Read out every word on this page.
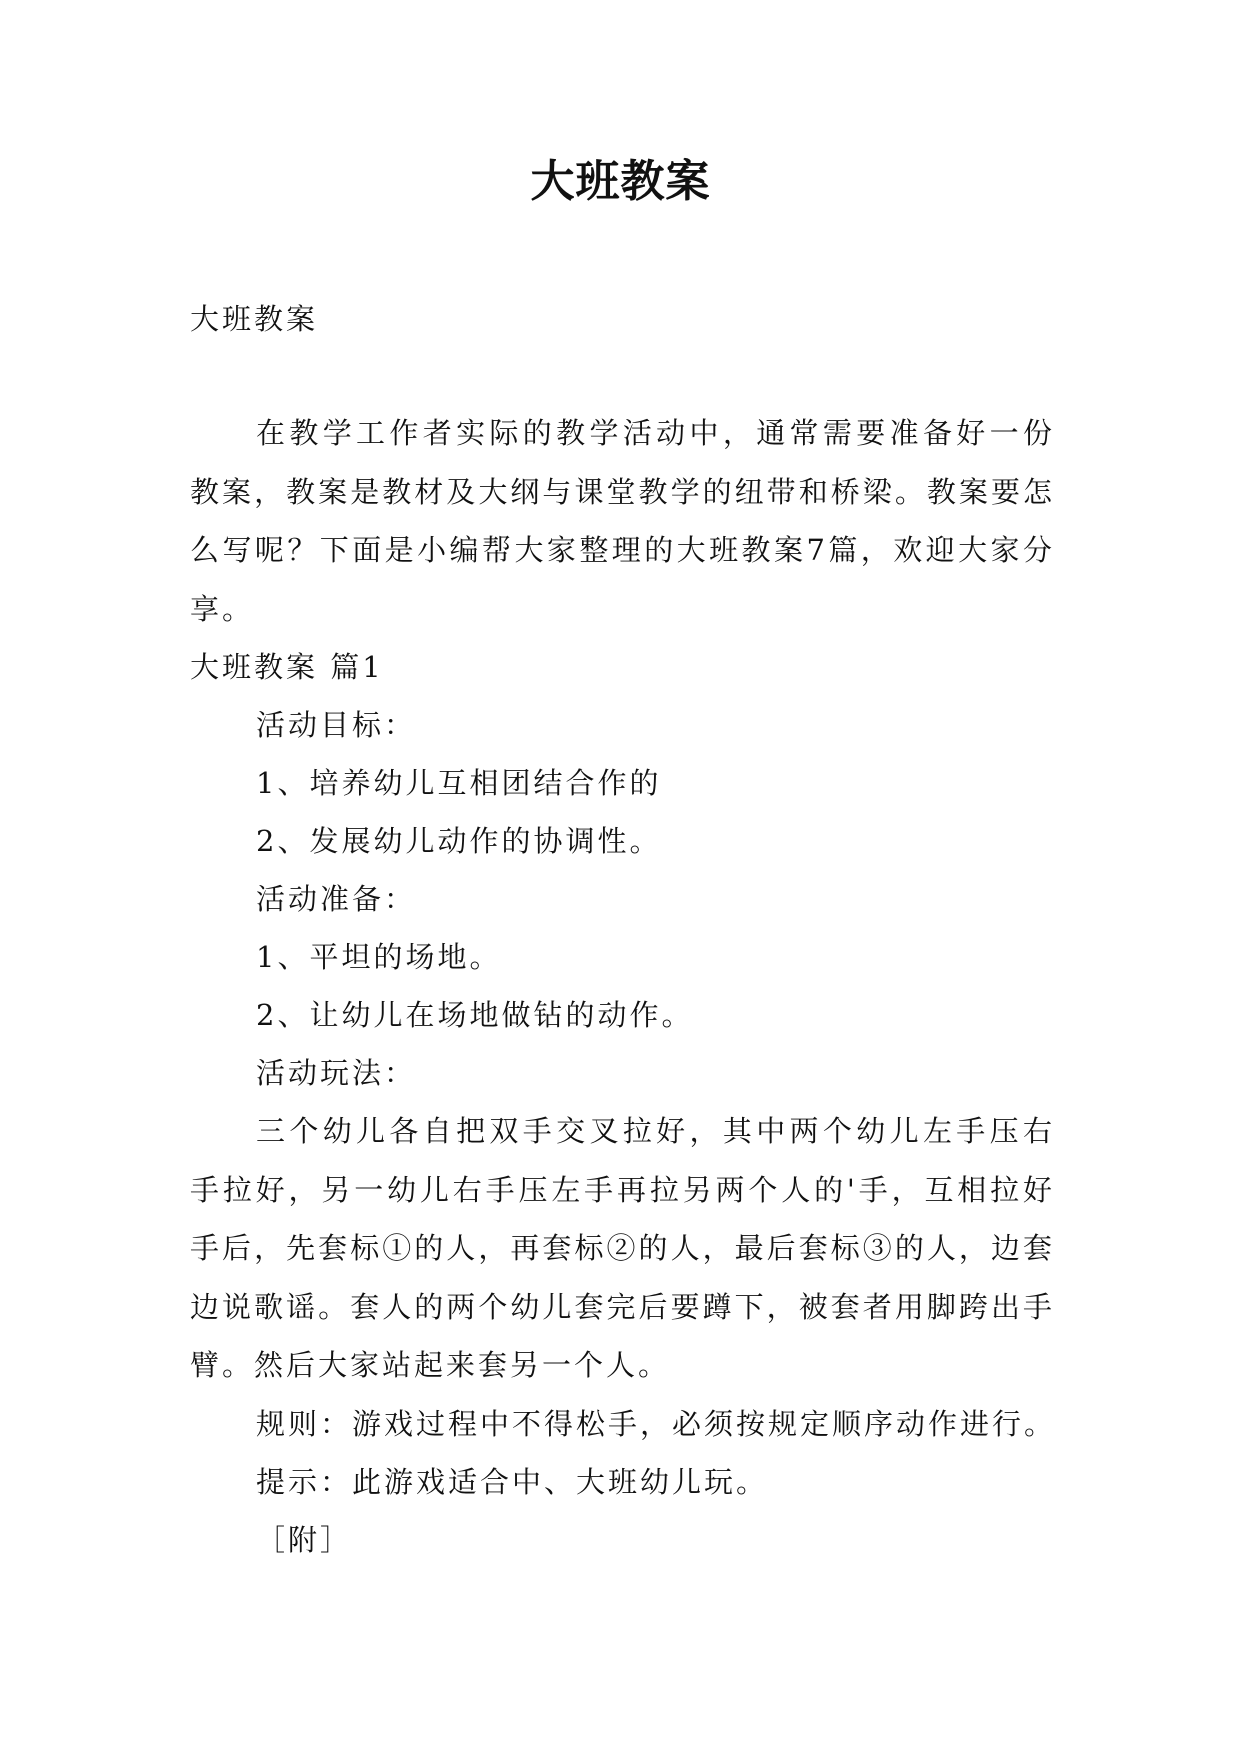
大班教案
大班教案

在教学工作者实际的教学活动中，通常需要准备好一份教案，教案是教材及大纲与课堂教学的纽带和桥梁。教案要怎么写呢？下面是小编帮大家整理的大班教案7篇，欢迎大家分享。

大班教案 篇1
活动目标：
1、培养幼儿互相团结合作的
2、发展幼儿动作的协调性。
活动准备：
1、平坦的场地。
2、让幼儿在场地做钻的动作。
活动玩法：

三个幼儿各自把双手交叉拉好，其中两个幼儿左手压右手拉好，另一幼儿右手压左手再拉另两个人的'手，互相拉好手后，先套标①的人，再套标②的人，最后套标③的人，边套边说歌谣。套人的两个幼儿套完后要蹲下，被套者用脚跨出手臂。然后大家站起来套另一个人。

规则：游戏过程中不得松手，必须按规定顺序动作进行。
提示：此游戏适合中、大班幼儿玩。
［附］
